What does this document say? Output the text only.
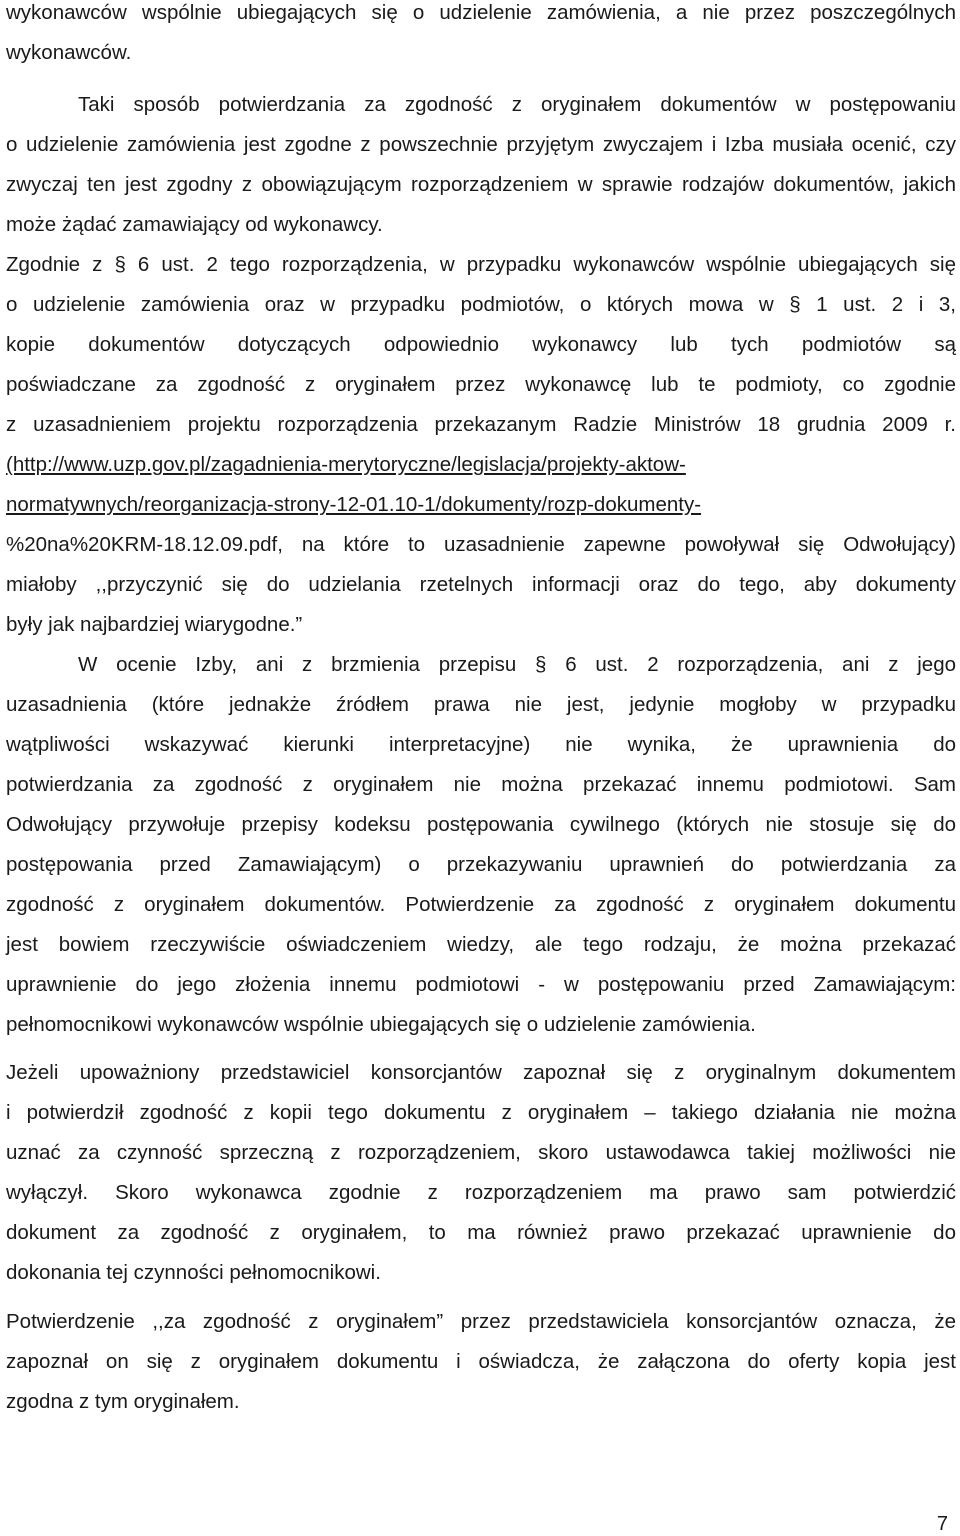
wykonawców wspólnie ubiegających się o udzielenie zamówienia, a nie przez poszczególnych
wykonawców.
Taki sposób potwierdzania za zgodność z oryginałem dokumentów w postępowaniu
o udzielenie zamówienia jest zgodne z powszechnie przyjętym zwyczajem i Izba musiała ocenić, czy
zwyczaj ten jest zgodny z obowiązującym rozporządzeniem w sprawie rodzajów dokumentów, jakich
może żądać zamawiający od wykonawcy.
Zgodnie z § 6 ust. 2 tego rozporządzenia, w przypadku wykonawców wspólnie ubiegających się
o udzielenie zamówienia oraz w przypadku podmiotów, o których mowa w § 1 ust. 2 i 3,
kopie dokumentów dotyczących odpowiednio wykonawcy lub tych podmiotów są
poświadczane za zgodność z oryginałem przez wykonawcę lub te podmioty, co zgodnie
z uzasadnieniem projektu rozporządzenia przekazanym Radzie Ministrów 18 grudnia 2009 r.
(http://www.uzp.gov.pl/zagadnienia-merytoryczne/legislacja/projekty-aktow-
normatywnych/reorganizacja-strony-12-01.10-1/dokumenty/rozp-dokumenty-
%20na%20KRM-18.12.09.pdf, na które to uzasadnienie zapewne powoływał się Odwołujący)
miałoby ,,przyczynić się do udzielania rzetelnych informacji oraz do tego, aby dokumenty
były jak najbardziej wiarygodne.”
W ocenie Izby, ani z brzmienia przepisu § 6 ust. 2 rozporządzenia, ani z jego
uzasadnienia (które jednakże źródłem prawa nie jest, jedynie mogłoby w przypadku
wątpliwości wskazywać kierunki interpretacyjne) nie wynika, że uprawnienia do
potwierdzania za zgodność z oryginałem nie można przekazać innemu podmiotowi. Sam
Odwołujący przywołuje przepisy kodeksu postępowania cywilnego (których nie stosuje się do
postępowania przed Zamawiającym) o przekazywaniu uprawnień do potwierdzania za
zgodność z oryginałem dokumentów. Potwierdzenie za zgodność z oryginałem dokumentu
jest bowiem rzeczywiście oświadczeniem wiedzy, ale tego rodzaju, że można przekazać
uprawnienie do jego złożenia innemu podmiotowi - w postępowaniu przed Zamawiającym:
pełnomocnikowi wykonawców wspólnie ubiegających się o udzielenie zamówienia.
Jeżeli upoważniony przedstawiciel konsorcjantów zapoznał się z oryginalnym dokumentem
i potwierdził zgodność z kopii tego dokumentu z oryginałem – takiego działania nie można
uznać za czynność sprzeczną z rozporządzeniem, skoro ustawodawca takiej możliwości nie
wyłączył. Skoro wykonawca zgodnie z rozporządzeniem ma prawo sam potwierdzić
dokument za zgodność z oryginałem, to ma również prawo przekazać uprawnienie do
dokonania tej czynności pełnomocnikowi.
Potwierdzenie ,,za zgodność z oryginałem” przez przedstawiciela konsorcjantów oznacza, że
zapoznał on się z oryginałem dokumentu i oświadcza, że załączona do oferty kopia jest
zgodna z tym oryginałem.
7
